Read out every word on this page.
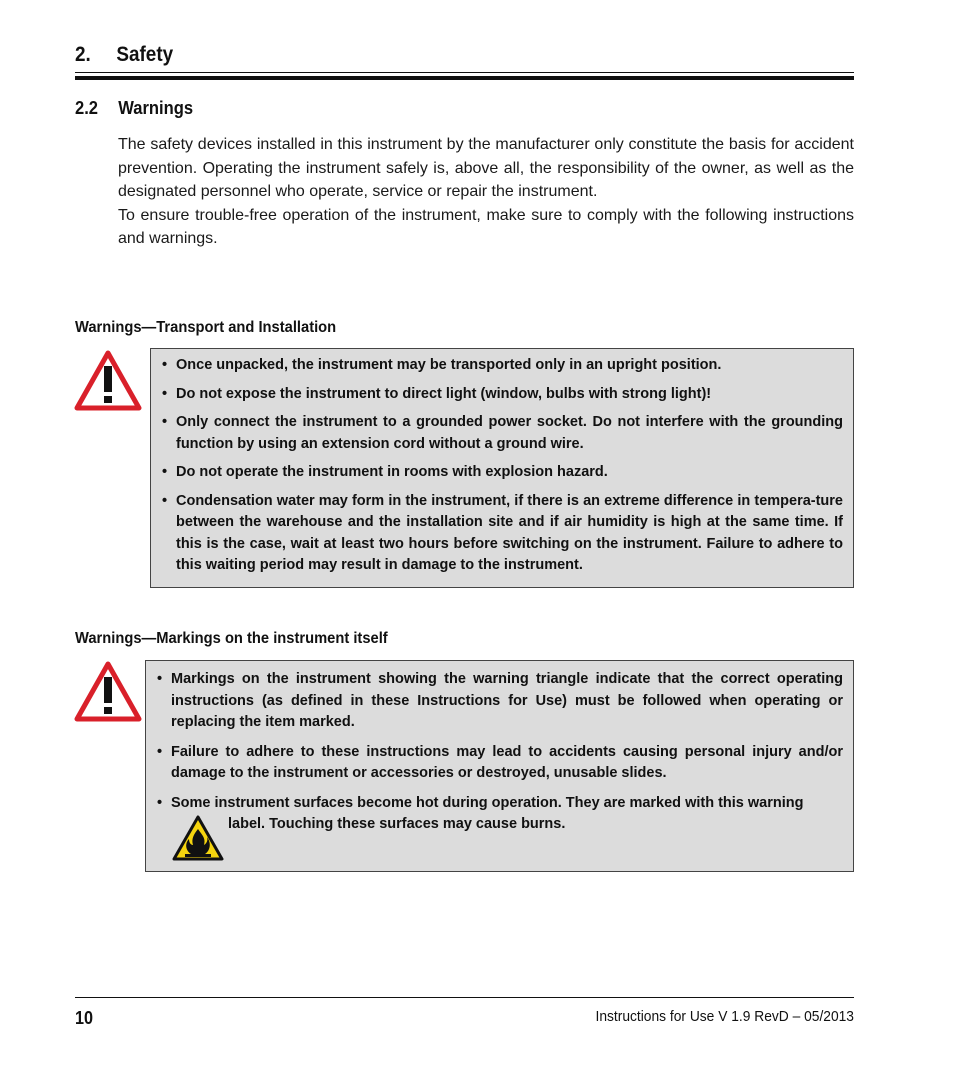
2. Safety
2.2 Warnings

The safety devices installed in this instrument by the manufacturer only constitute the basis for accident prevention. Operating the instrument safely is, above all, the responsibility of the owner, as well as the designated personnel who operate, service or repair the instrument.

To ensure trouble-free operation of the instrument, make sure to comply with the following instructions and warnings.

Warnings—Transport and Installation
• Once unpacked, the instrument may be transported only in an upright position.
• Do not expose the instrument to direct light (window, bulbs with strong light)!
• Only connect the instrument to a grounded power socket. Do not interfere with the grounding function by using an extension cord without a ground wire.
• Do not operate the instrument in rooms with explosion hazard.
• Condensation water may form in the instrument, if there is an extreme difference in tempera-ture between the warehouse and the installation site and if air humidity is high at the same time. If this is the case, wait at least two hours before switching on the instrument. Failure to adhere to this waiting period may result in damage to the instrument.
Warnings—Markings on the instrument itself
• Markings on the instrument showing the warning triangle indicate that the correct operating instructions (as defined in these Instructions for Use) must be followed when operating or replacing the item marked.
• Failure to adhere to these instructions may lead to accidents causing personal injury and/or damage to the instrument or accessories or destroyed, unusable slides.
• Some instrument surfaces become hot during operation. They are marked with this warning
label. Touching these surfaces may cause burns.
10	Instructions for Use V 1.9 RevD – 05/2013
